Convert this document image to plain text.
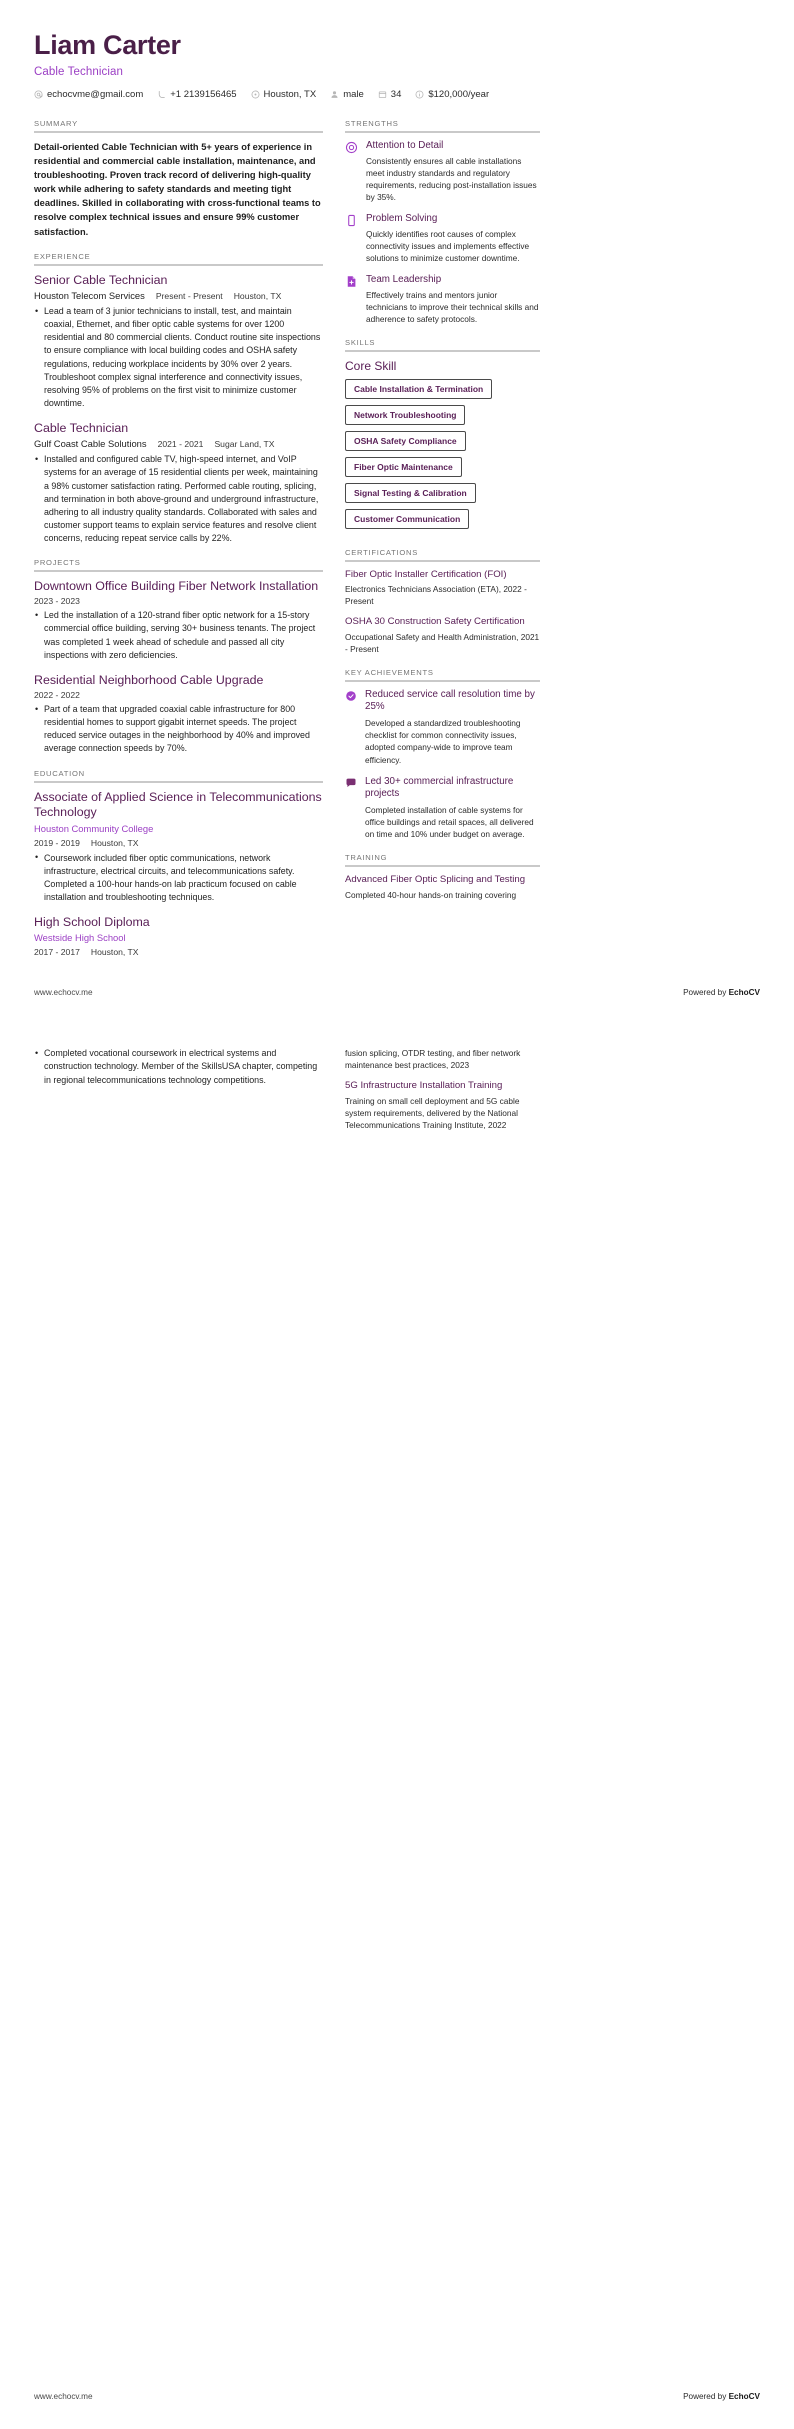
Liam Carter
Cable Technician
echocvme@gmail.com	+1 2139156465	Houston, TX	male	34	$120,000/year
SUMMARY
Detail-oriented Cable Technician with 5+ years of experience in residential and commercial cable installation, maintenance, and troubleshooting. Proven track record of delivering high-quality work while adhering to safety standards and meeting tight deadlines. Skilled in collaborating with cross-functional teams to resolve complex technical issues and ensure 99% customer satisfaction.
EXPERIENCE
Senior Cable Technician
Houston Telecom Services Present - Present Houston, TX
• Lead a team of 3 junior technicians to install, test, and maintain coaxial, Ethernet, and fiber optic cable systems for over 1200 residential and 80 commercial clients. Conduct routine site inspections to ensure compliance with local building codes and OSHA safety regulations, reducing workplace incidents by 30% over 2 years. Troubleshoot complex signal interference and connectivity issues, resolving 95% of problems on the first visit to minimize customer downtime.
Cable Technician
Gulf Coast Cable Solutions 2021 - 2021 Sugar Land, TX
• Installed and configured cable TV, high-speed internet, and VoIP systems for an average of 15 residential clients per week, maintaining a 98% customer satisfaction rating. Performed cable routing, splicing, and termination in both above-ground and underground infrastructure, adhering to all industry quality standards. Collaborated with sales and customer support teams to explain service features and resolve client concerns, reducing repeat service calls by 22%.
PROJECTS
Downtown Office Building Fiber Network Installation
2023 - 2023
• Led the installation of a 120-strand fiber optic network for a 15-story commercial office building, serving 30+ business tenants. The project was completed 1 week ahead of schedule and passed all city inspections with zero deficiencies.
Residential Neighborhood Cable Upgrade
2022 - 2022
• Part of a team that upgraded coaxial cable infrastructure for 800 residential homes to support gigabit internet speeds. The project reduced service outages in the neighborhood by 40% and improved average connection speeds by 70%.
EDUCATION
Associate of Applied Science in Telecommunications Technology
Houston Community College
2019 - 2019 Houston, TX
• Coursework included fiber optic communications, network infrastructure, electrical circuits, and telecommunications safety. Completed a 100-hour hands-on lab practicum focused on cable installation and troubleshooting techniques.
High School Diploma
Westside High School
2017 - 2017 Houston, TX
STRENGTHS
Attention to Detail
Consistently ensures all cable installations meet industry standards and regulatory requirements, reducing post-installation issues by 35%.
Problem Solving
Quickly identifies root causes of complex connectivity issues and implements effective solutions to minimize customer downtime.
Team Leadership
Effectively trains and mentors junior technicians to improve their technical skills and adherence to safety protocols.
SKILLS
Core Skill
Cable Installation & Termination
Network Troubleshooting
OSHA Safety Compliance
Fiber Optic Maintenance
Signal Testing & Calibration
Customer Communication
CERTIFICATIONS
Fiber Optic Installer Certification (FOI)
Electronics Technicians Association (ETA), 2022 - Present
OSHA 30 Construction Safety Certification
Occupational Safety and Health Administration, 2021 - Present
KEY ACHIEVEMENTS
Reduced service call resolution time by 25%
Developed a standardized troubleshooting checklist for common connectivity issues, adopted company-wide to improve team efficiency.
Led 30+ commercial infrastructure projects
Completed installation of cable systems for office buildings and retail spaces, all delivered on time and 10% under budget on average.
TRAINING
Advanced Fiber Optic Splicing and Testing
Completed 40-hour hands-on training covering
www.echocv.me	Powered by EchoCV
• Completed vocational coursework in electrical systems and construction technology. Member of the SkillsUSA chapter, competing in regional telecommunications technology competitions.
fusion splicing, OTDR testing, and fiber network maintenance best practices, 2023
5G Infrastructure Installation Training
Training on small cell deployment and 5G cable system requirements, delivered by the National Telecommunications Training Institute, 2022
www.echocv.me	Powered by EchoCV
